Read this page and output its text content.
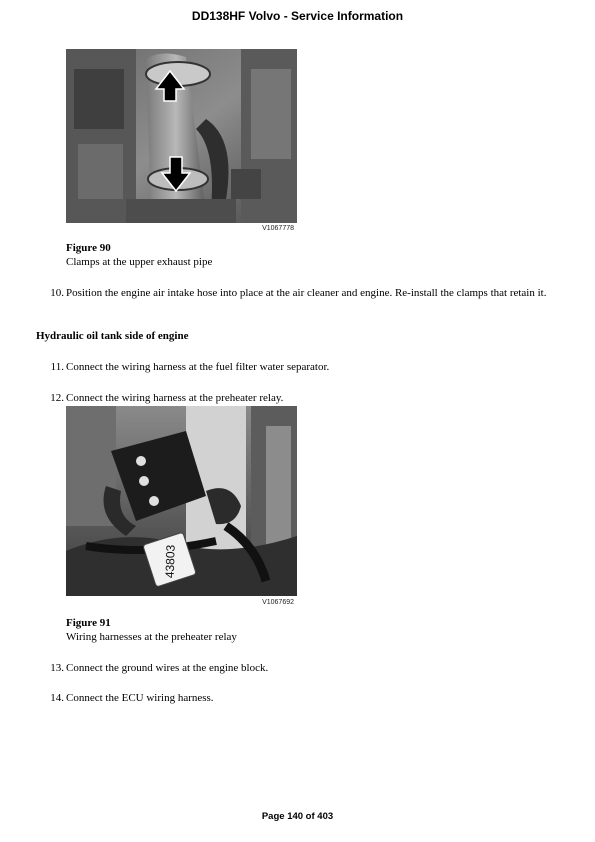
DD138HF Volvo - Service Information
V1067778
Figure 90
Clamps at the upper exhaust pipe
10. Position the engine air intake hose into place at the air cleaner and engine. Re-install the clamps that retain it.
Hydraulic oil tank side of engine
11. Connect the wiring harness at the fuel filter water separator.
12. Connect the wiring harness at the preheater relay.
43803
V1067692
Figure 91
Wiring harnesses at the preheater relay
13. Connect the ground wires at the engine block.
14. Connect the ECU wiring harness.
Page 140 of 403
